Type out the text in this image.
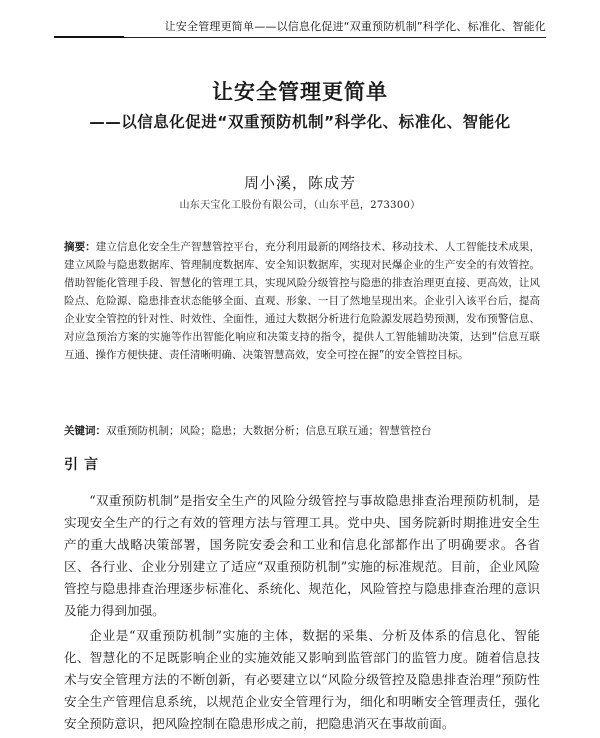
让安全管理更简单——以信息化促进“双重预防机制”科学化、标准化、智能化
让安全管理更简单
——以信息化促进“双重预防机制”科学化、标准化、智能化
周小溪，陈成芳
山东天宝化工股份有限公司，（山东平邑，273300）
摘要：建立信息化安全生产智慧管控平台，充分利用最新的网络技术、移动技术、人工智能技术成果，建立风险与隐患数据库、管理制度数据库、安全知识数据库，实现对民爆企业的生产安全的有效管控。借助智能化管理手段、智慧化的管理工具，实现风险分级管控与隐患的排查治理更直接、更高效，让风险点、危险源、隐患排查状态能够全面、直观、形象、一目了然地呈现出来。企业引入该平台后，提高企业安全管控的针对性、时效性、全面性，通过大数据分析进行危险源发展趋势预测，发布预警信息、对应急预治方案的实施等作出智能化响应和决策支持的指令，提供人工智能辅助决策，达到“信息互联互通、操作方便快捷、责任清晰明确、决策智慧高效，安全可控在握”的安全管控目标。
关键词：双重预防机制；风险；隐患；大数据分析；信息互联互通；智慧管控台
引言

“双重预防机制”是指安全生产的风险分级管控与事故隐患排查治理预防机制，是实现安全生产的行之有效的管理方法与管理工具。党中央、国务院新时期推进安全生产的重大战略决策部署，国务院安委会和工业和信息化部都作出了明确要求。各省区、各行业、企业分别建立了适应“双重预防机制”实施的标准规范。目前，企业风险管控与隐患排查治理逐步标准化、系统化、规范化，风险管控与隐患排查治理的意识及能力得到加强。

企业是“双重预防机制”实施的主体，数据的采集、分析及体系的信息化、智能化、智慧化的不足既影响企业的实施效能又影响到监管部门的监管力度。随着信息技术与安全管理方法的不断创新，有必要建立以“风险分级管控及隐患排查治理”预防性安全生产管理信息系统，以规范企业安全管理行为，细化和明晰安全管理责任，强化安全预防意识，把风险控制在隐患形成之前，把隐患消灭在事故前面。
